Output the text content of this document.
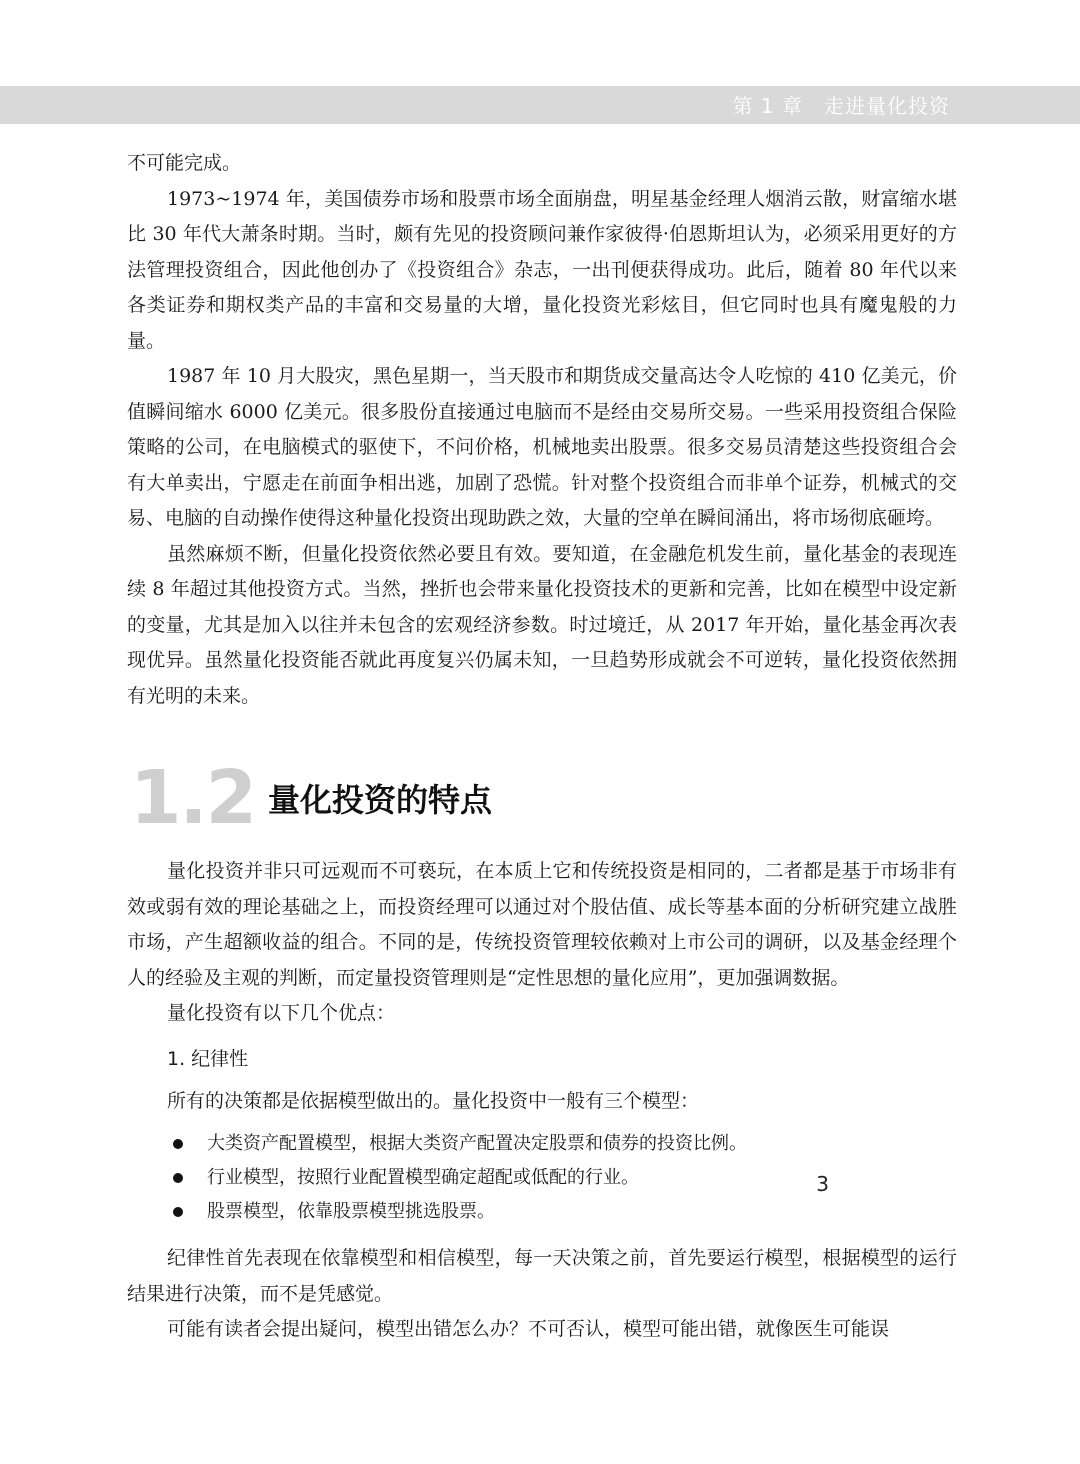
第 1 章　走进量化投资

不可能完成。

1973~1974 年，美国债券市场和股票市场全面崩盘，明星基金经理人烟消云散，财富缩水堪比 30 年代大萧条时期。当时，颇有先见的投资顾问兼作家彼得·伯恩斯坦认为，必须采用更好的方法管理投资组合，因此他创办了《投资组合》杂志，一出刊便获得成功。此后，随着 80 年代以来各类证券和期权类产品的丰富和交易量的大增，量化投资光彩炫目，但它同时也具有魔鬼般的力量。

1987 年 10 月大股灾，黑色星期一，当天股市和期货成交量高达令人吃惊的 410 亿美元，价值瞬间缩水 6000 亿美元。很多股份直接通过电脑而不是经由交易所交易。一些采用投资组合保险策略的公司，在电脑模式的驱使下，不问价格，机械地卖出股票。很多交易员清楚这些投资组合会有大单卖出，宁愿走在前面争相出逃，加剧了恐慌。针对整个投资组合而非单个证券，机械式的交易、电脑的自动操作使得这种量化投资出现助跌之效，大量的空单在瞬间涌出，将市场彻底砸垮。

虽然麻烦不断，但量化投资依然必要且有效。要知道，在金融危机发生前，量化基金的表现连续 8 年超过其他投资方式。当然，挫折也会带来量化投资技术的更新和完善，比如在模型中设定新的变量，尤其是加入以往并未包含的宏观经济参数。时过境迁，从 2017 年开始，量化基金再次表现优异。虽然量化投资能否就此再度复兴仍属未知，一旦趋势形成就会不可逆转，量化投资依然拥有光明的未来。

1.2 量化投资的特点

量化投资并非只可远观而不可亵玩，在本质上它和传统投资是相同的，二者都是基于市场非有效或弱有效的理论基础之上，而投资经理可以通过对个股估值、成长等基本面的分析研究建立战胜市场，产生超额收益的组合。不同的是，传统投资管理较依赖对上市公司的调研，以及基金经理个人的经验及主观的判断，而定量投资管理则是“定性思想的量化应用”，更加强调数据。

量化投资有以下几个优点：

1. 纪律性

所有的决策都是依据模型做出的。量化投资中一般有三个模型：

大类资产配置模型，根据大类资产配置决定股票和债券的投资比例。
行业模型，按照行业配置模型确定超配或低配的行业。
股票模型，依靠股票模型挑选股票。

纪律性首先表现在依靠模型和相信模型，每一天决策之前，首先要运行模型，根据模型的运行结果进行决策，而不是凭感觉。

可能有读者会提出疑问，模型出错怎么办？不可否认，模型可能出错，就像医生可能误

3
